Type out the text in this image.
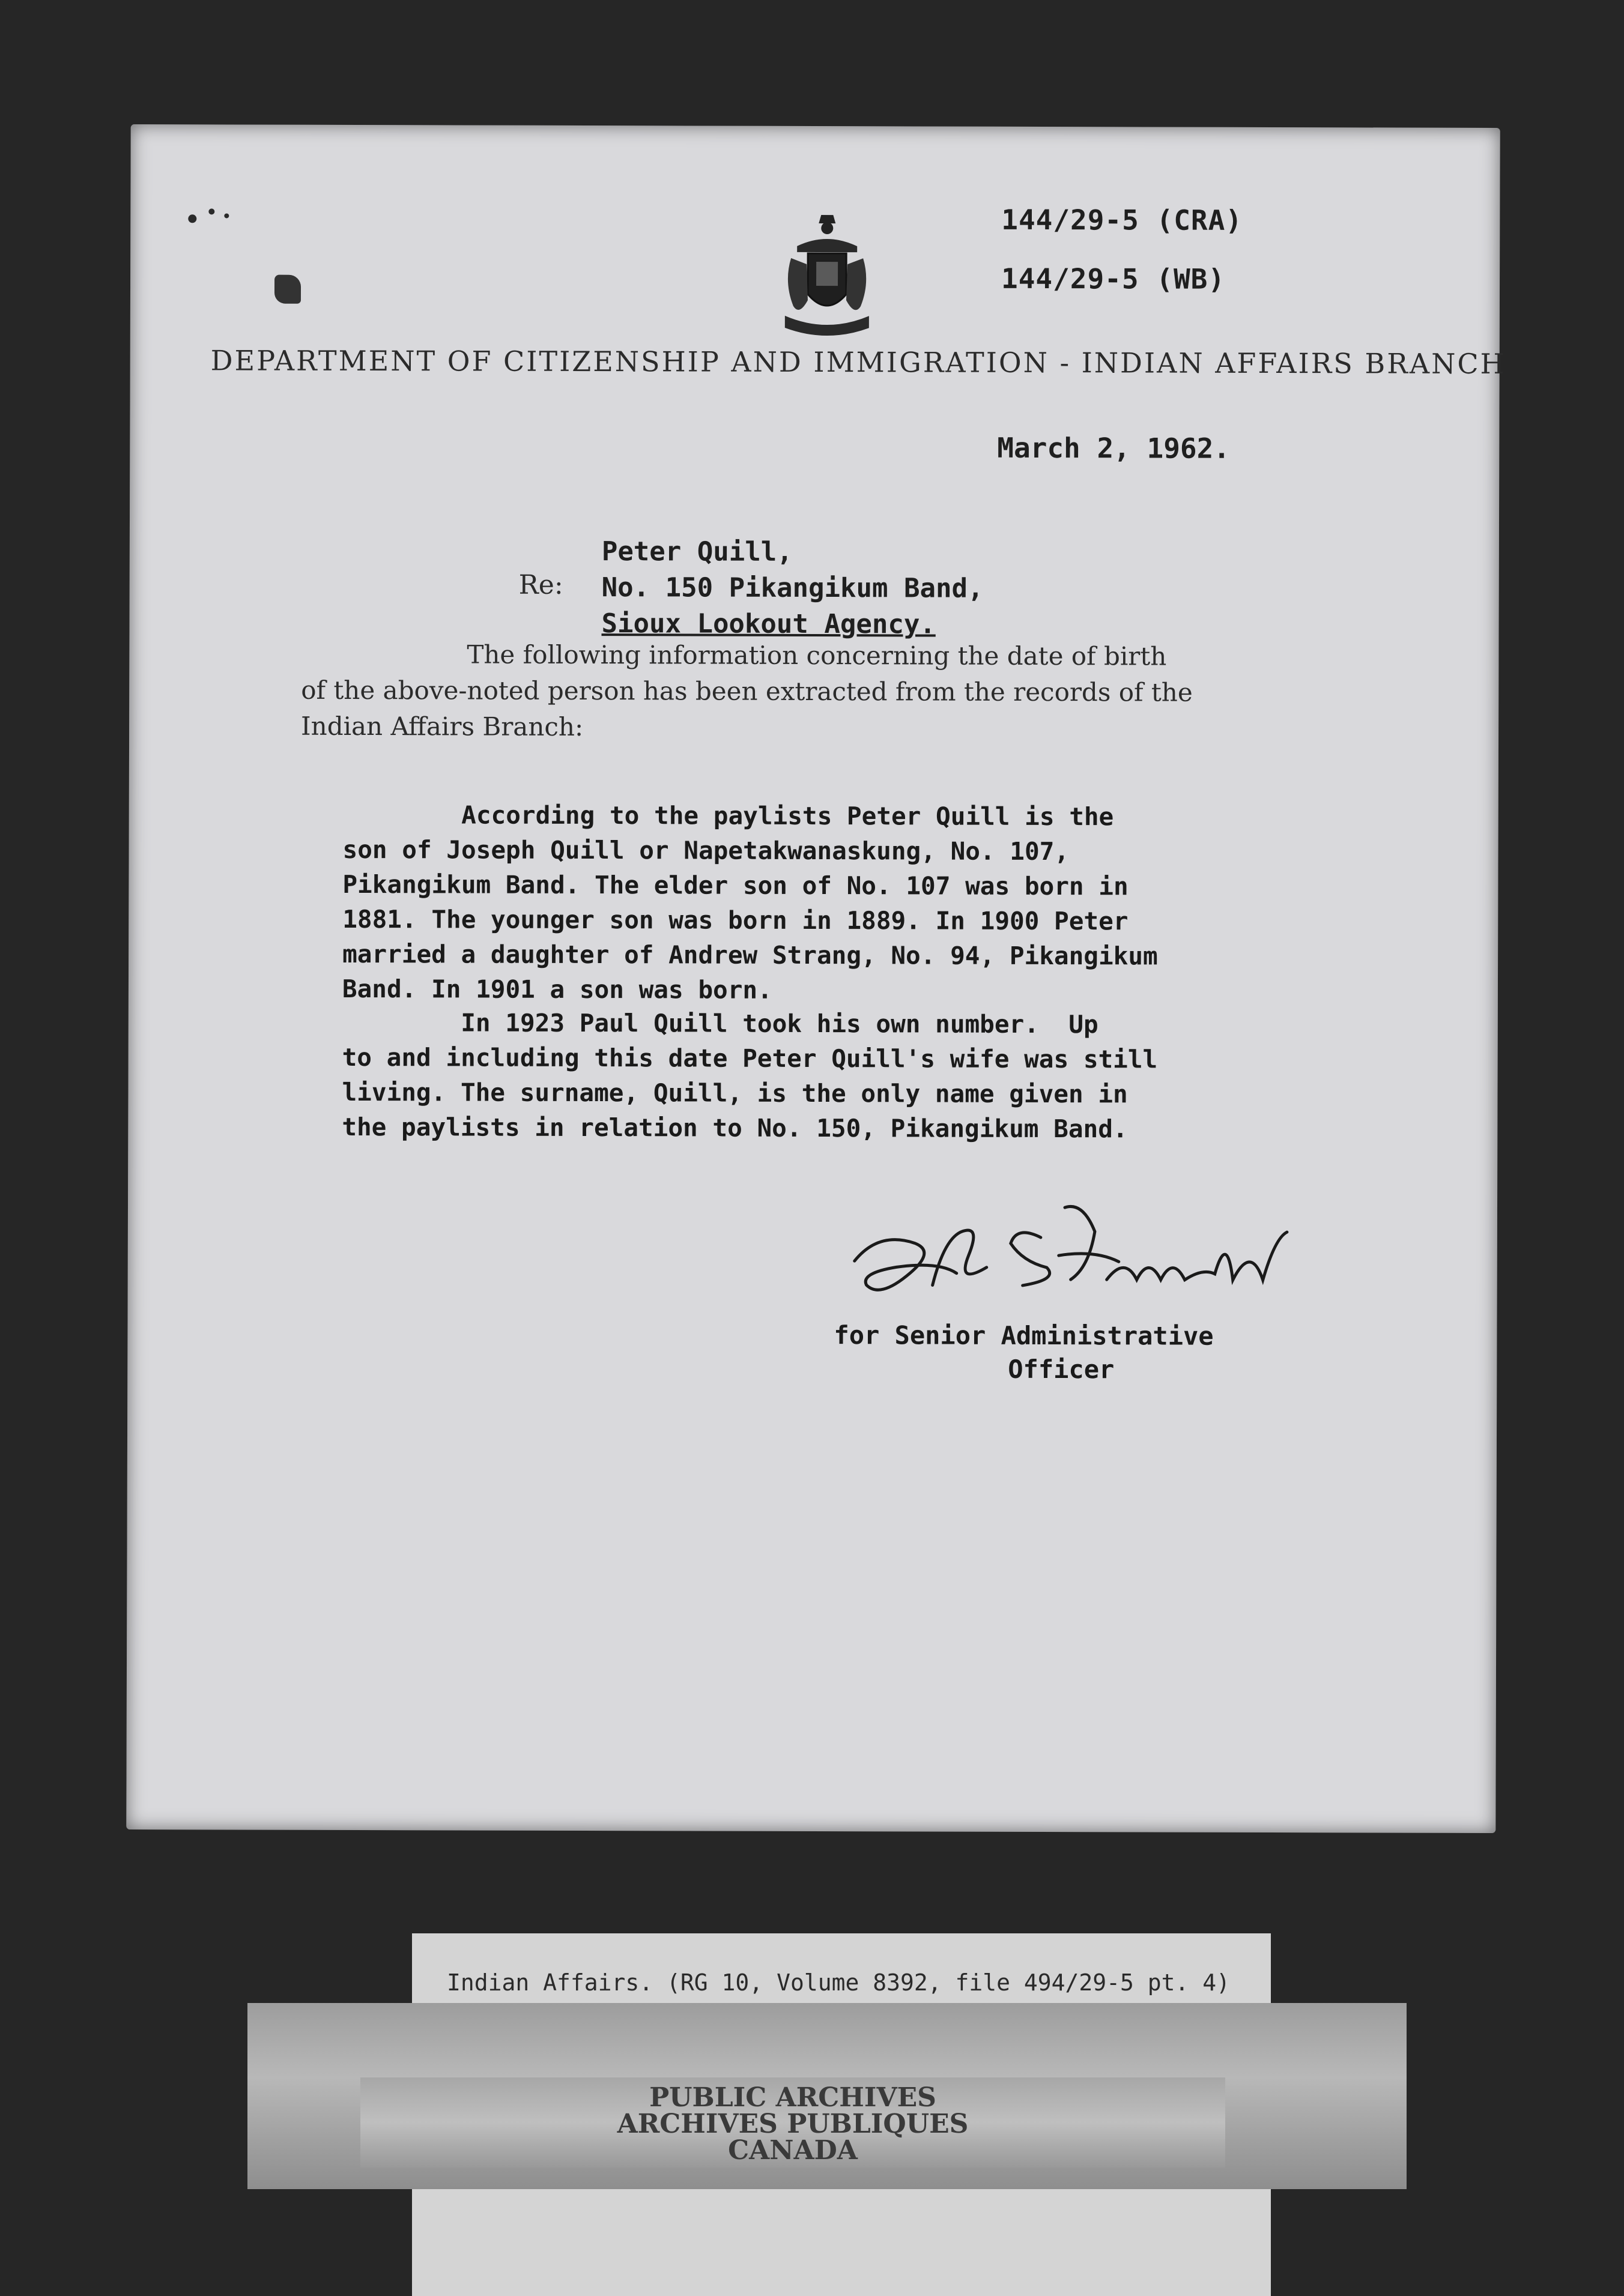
144/29-5 (CRA)
144/29-5 (WB)
DEPARTMENT OF CITIZENSHIP AND IMMIGRATION - INDIAN AFFAIRS BRANCH
March 2, 1962.
Re:
Peter Quill,
No. 150 Pikangikum Band,
Sioux Lookout Agency.
The following information concerning the date of birth
of the above-noted person has been extracted from the records of the
Indian Affairs Branch:
According to the paylists Peter Quill is the
son of Joseph Quill or Napetakwanaskung, No. 107,
Pikangikum Band. The elder son of No. 107 was born in
1881. The younger son was born in 1889. In 1900 Peter
married a daughter of Andrew Strang, No. 94, Pikangikum
Band. In 1901 a son was born.
In 1923 Paul Quill took his own number.  Up
to and including this date Peter Quill's wife was still
living. The surname, Quill, is the only name given in
the paylists in relation to No. 150, Pikangikum Band.
for Senior Administrative
Officer
Indian Affairs. (RG 10, Volume 8392, file 494/29-5 pt. 4)
PUBLIC ARCHIVES
ARCHIVES PUBLIQUES
CANADA
